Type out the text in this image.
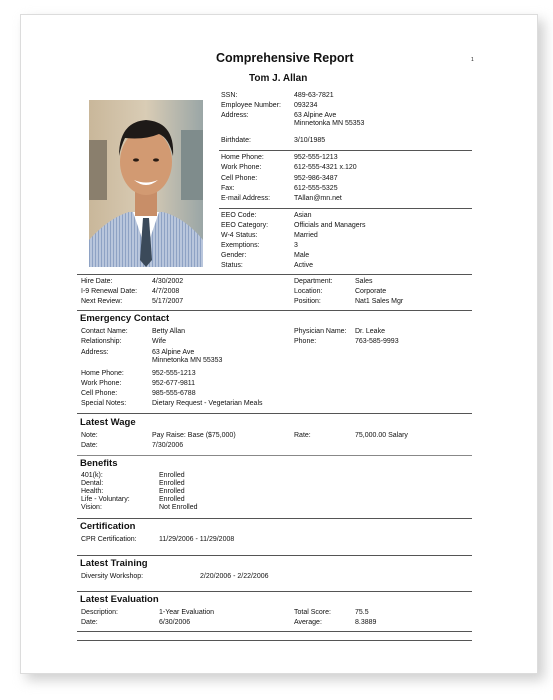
Comprehensive Report	1
Tom J. Allan
SSN:	489-63-7821
Employee Number: 093234
Address:	63 Alpine Ave
Minnetonka MN 55353
Birthdate:	3/10/1985
Home Phone:	952-555-1213
Work Phone:	612-555-4321 x.120
Cell Phone:	952-986-3487
Fax:	612-555-5325
E-mail Address:	TAllan@mn.net
EEO Code:	Asian
EEO Category:	Officials and Managers
W-4 Status:	Married
Exemptions:	3
Gender:	Male
Status:	Active
Hire Date:	4/30/2002
I-9 Renewal Date: 4/7/2008
Next Review:	5/17/2007
Department:	Sales
Location:	Corporate
Position:	Nat1 Sales Mgr
Emergency Contact
Contact Name:	Betty Allan
Relationship:	Wife
Address:	63 Alpine Ave
Minnetonka MN 55353
Home Phone:	952-555-1213
Work Phone:	952-677-9811
Cell Phone:	985-555-6788
Special Notes:	Dietary Request - Vegetarian Meals
Physician Name: Dr. Leake
Phone:	763-585-9993
Latest Wage
Note:	Pay Raise: Base ($75,000)	Rate:	75,000.00 Salary
Date:	7/30/2006
Benefits
401(k):	Enrolled
Dental:	Enrolled
Health:	Enrolled
Life - Voluntary:	Enrolled
Vision:	Not Enrolled
Certification
CPR Certification:	11/29/2006 - 11/29/2008
Latest Training
Diversity Workshop:	2/20/2006 - 2/22/2006
Latest Evaluation
Description:	1-Year Evaluation	Total Score:	75.5
Date:	6/30/2006	Average:	8.3889
